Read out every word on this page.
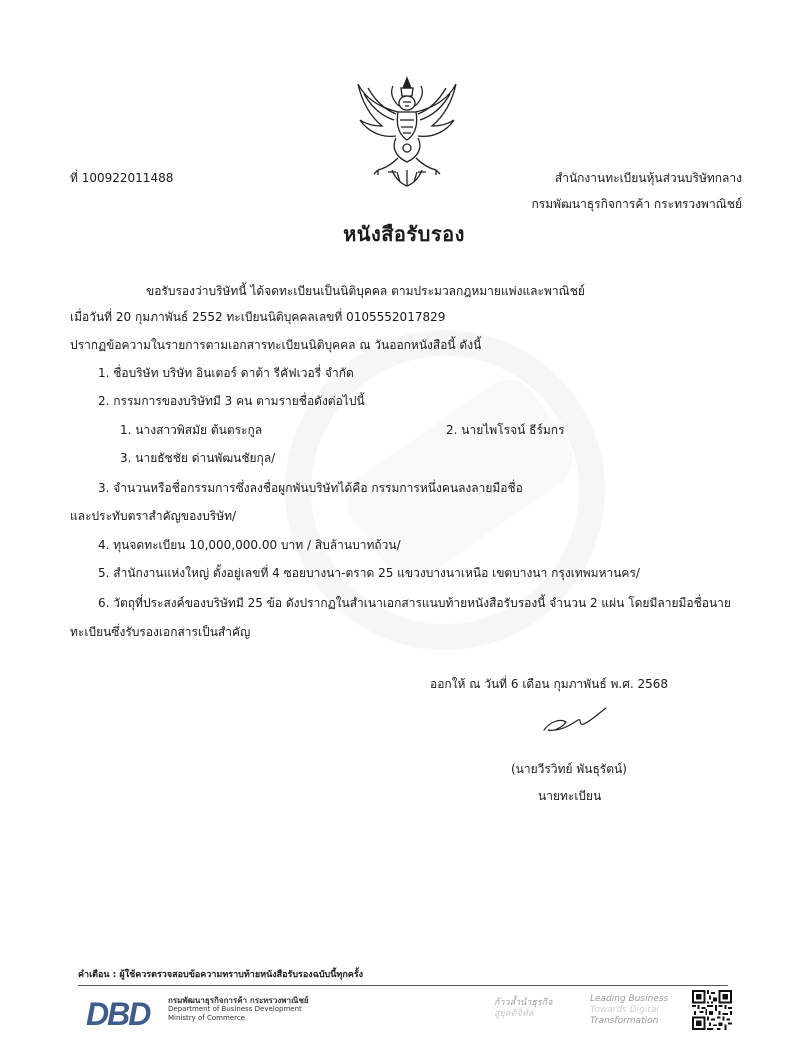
ที่ 100922011488	สำนักงานทะเบียนหุ้นส่วนบริษัทกลาง
กรมพัฒนาธุรกิจการค้า กระทรวงพาณิชย์
หนังสือรับรอง
ขอรับรองว่าบริษัทนี้ ได้จดทะเบียนเป็นนิติบุคคล ตามประมวลกฎหมายแพ่งและพาณิชย์
เมื่อวันที่ 20 กุมภาพันธ์ 2552 ทะเบียนนิติบุคคลเลขที่ 0105552017829
ปรากฏข้อความในรายการตามเอกสารทะเบียนนิติบุคคล ณ วันออกหนังสือนี้ ดังนี้
1. ชื่อบริษัท บริษัท อินเตอร์ ดาต้า รีคัฟเวอรี่ จำกัด
2. กรรมการของบริษัทมี 3 คน ตามรายชื่อดังต่อไปนี้
1. นางสาวพิสมัย ต้นตระกูล	2. นายไพโรจน์ ธีร์มกร
3. นายธัชชัย ด่านพัฒนชัยกุล/
3. จำนวนหรือชื่อกรรมการซึ่งลงชื่อผูกพันบริษัทได้คือ กรรมการหนึ่งคนลงลายมือชื่อ
และประทับตราสำคัญของบริษัท/
4. ทุนจดทะเบียน 10,000,000.00 บาท / สิบล้านบาทถ้วน/
5. สำนักงานแห่งใหญ่ ตั้งอยู่เลขที่ 4 ซอยบางนา-ตราด 25 แขวงบางนาเหนือ เขตบางนา กรุงเทพมหานคร/
6. วัตถุที่ประสงค์ของบริษัทมี 25 ข้อ ดังปรากฏในสำเนาเอกสารแนบท้ายหนังสือรับรองนี้ จำนวน 2 แผ่น โดยมีลายมือชื่อนาย
ทะเบียนซึ่งรับรองเอกสารเป็นสำคัญ
ออกให้ ณ วันที่ 6 เดือน กุมภาพันธ์ พ.ศ. 2568
(นายวีรวิทย์ พันธุรัตน์)
นายทะเบียน
คำเตือน : ผู้ใช้ควรตรวจสอบข้อความทราบท้ายหนังสือรับรองฉบับนี้ทุกครั้ง
DBD กรมพัฒนาธุรกิจการค้า กระทรวงพาณิชย์
Department of Business Development
Ministry of Commerce
ก้าวล้ำนำธุรกิจ
สู่ยุคดิจิทัล
Leading Business
Towards Digital
Transformation
